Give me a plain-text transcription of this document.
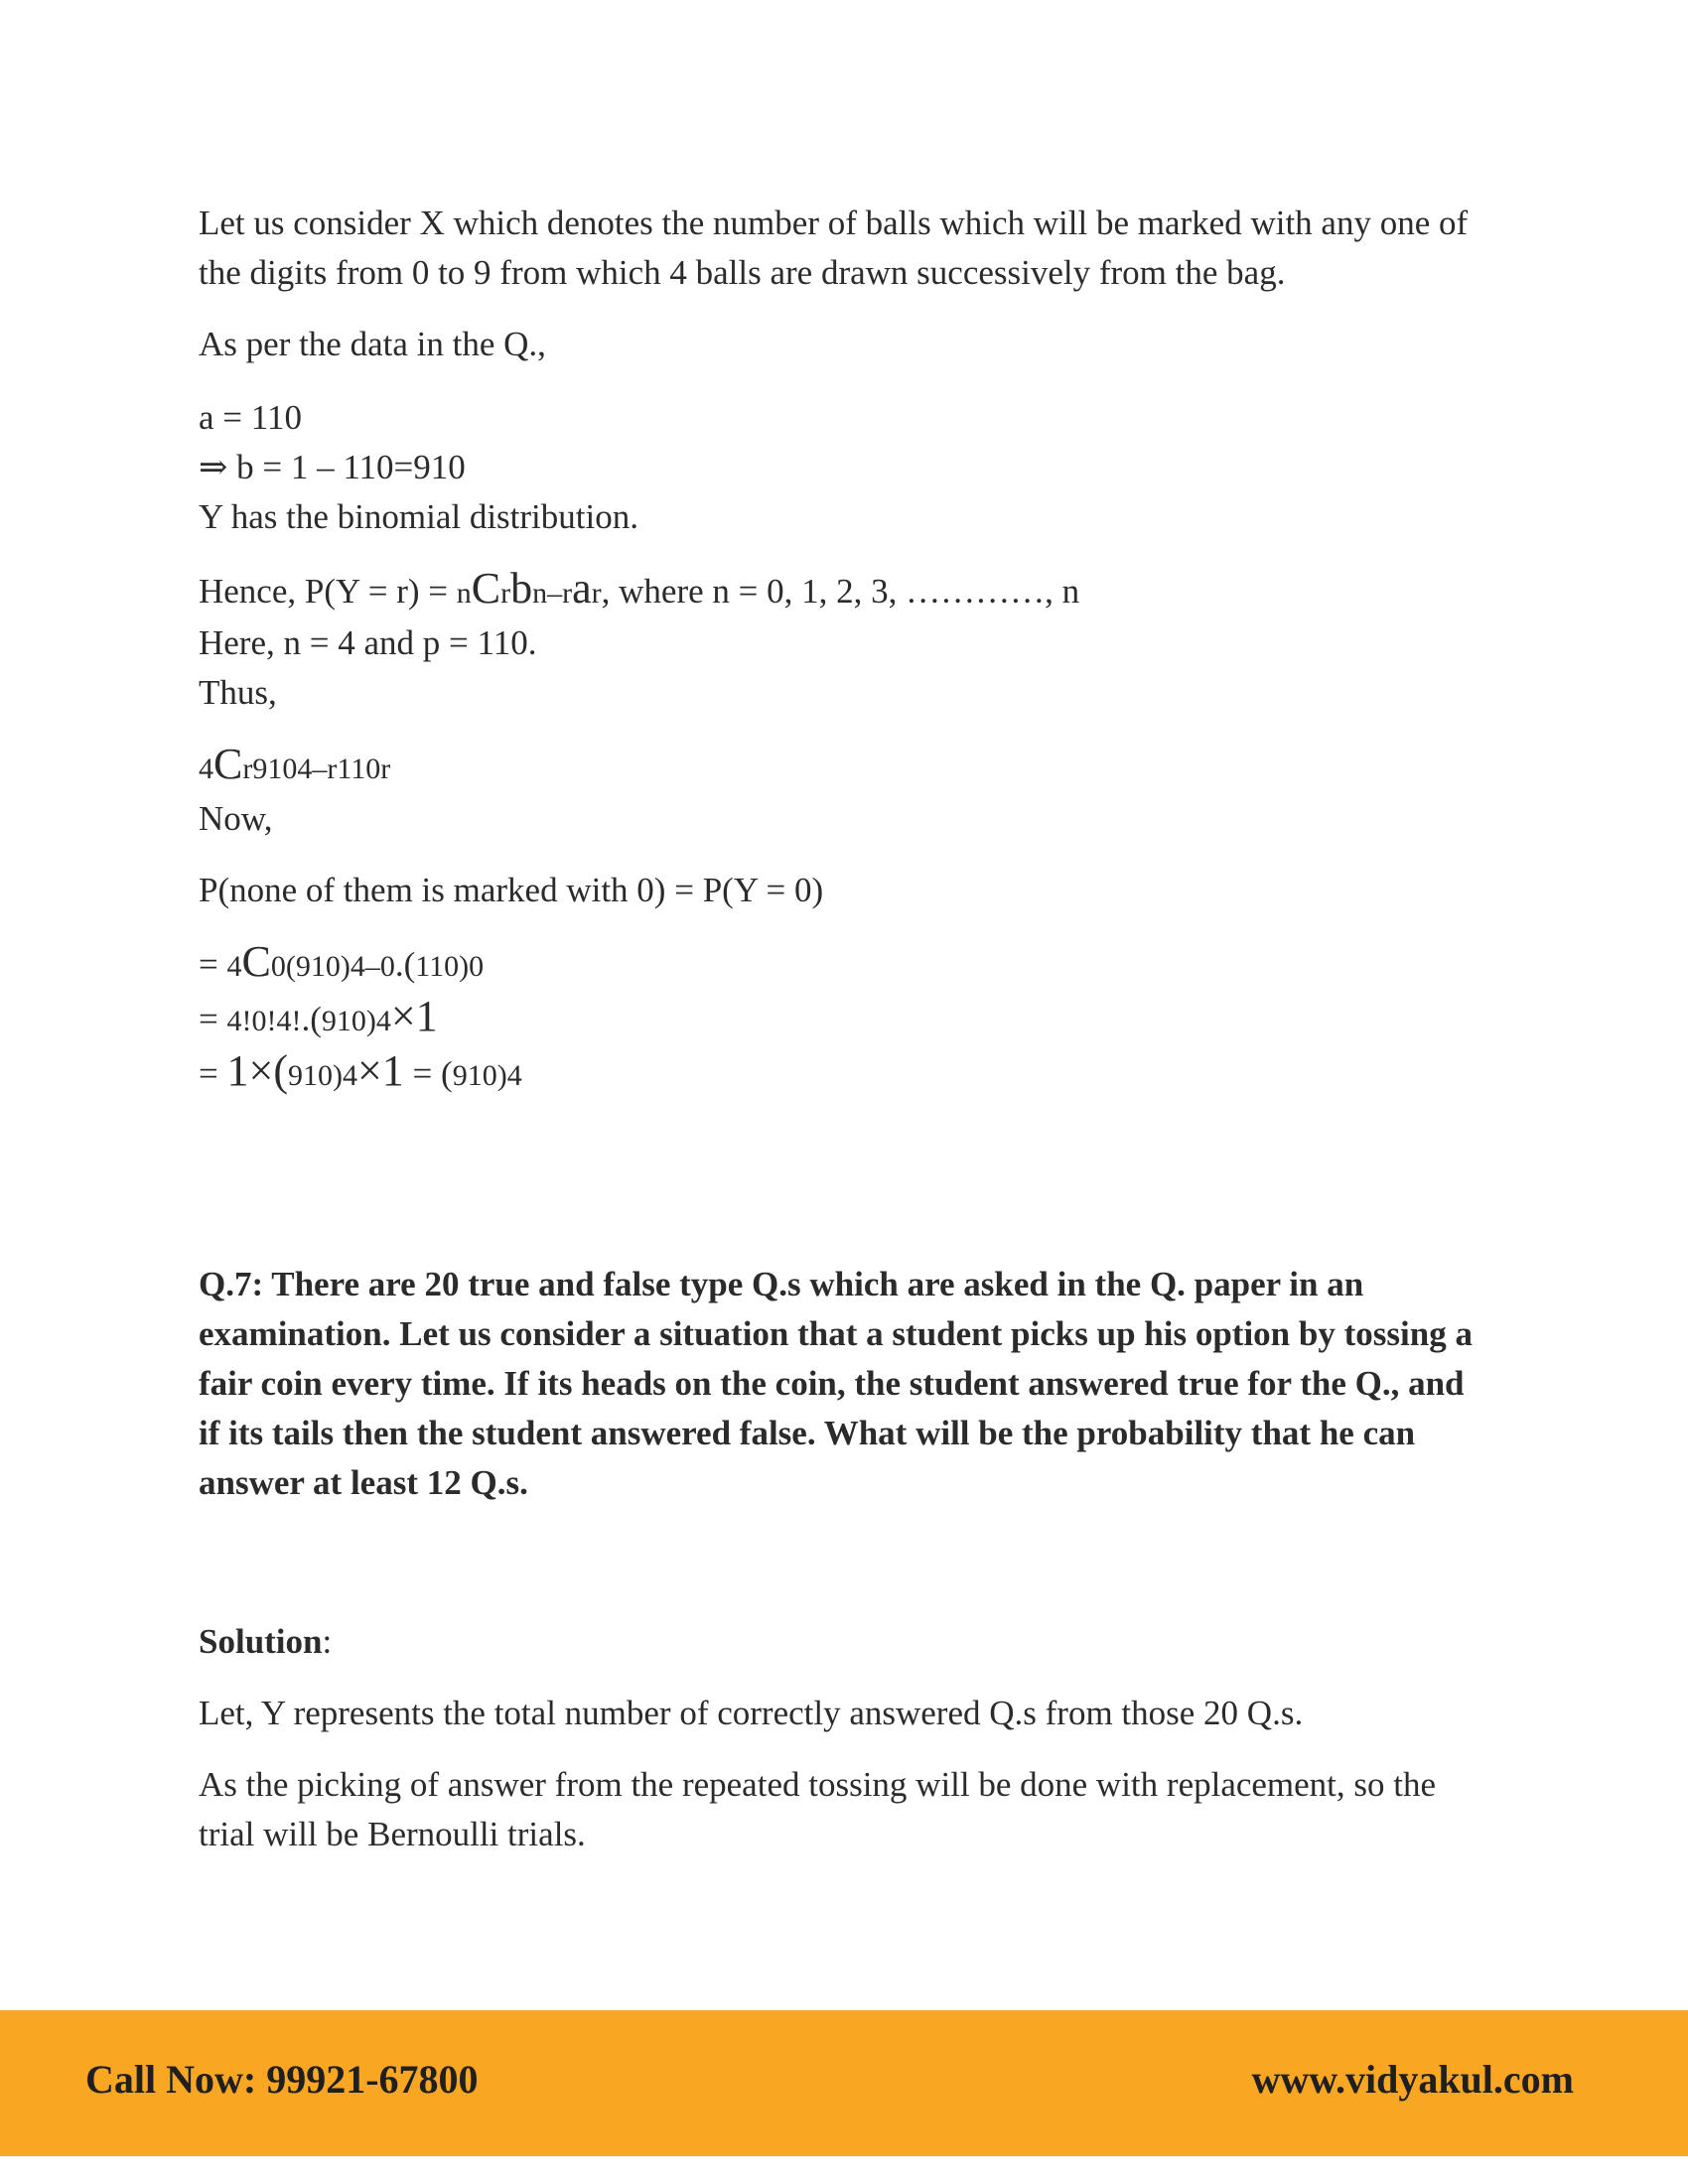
Let us consider X which denotes the number of balls which will be marked with any one of the digits from 0 to 9 from which 4 balls are drawn successively from the bag.

As per the data in the Q.,

a = 110
⇒ b = 1 – 110=910
Y has the binomial distribution.
Hence, P(Y = r) = nCrbn–rar, where n = 0, 1, 2, 3, …………, n
Here, n = 4 and p = 110.
Thus,
4Cr9104–r110r
Now,

P(none of them is marked with 0) = P(Y = 0)

= 4C0(910)4–0.(110)0
= 4!0!4!.(910)4×1
= 1×(910)4×1 = (910)4

Q.7: There are 20 true and false type Q.s which are asked in the Q. paper in an examination. Let us consider a situation that a student picks up his option by tossing a fair coin every time. If its heads on the coin, the student answered true for the Q., and if its tails then the student answered false. What will be the probability that he can answer at least 12 Q.s.

Solution:

Let, Y represents the total number of correctly answered Q.s from those 20 Q.s.

As the picking of answer from the repeated tossing will be done with replacement, so the trial will be Bernoulli trials.

Call Now: 99921-67800	www.vidyakul.com
